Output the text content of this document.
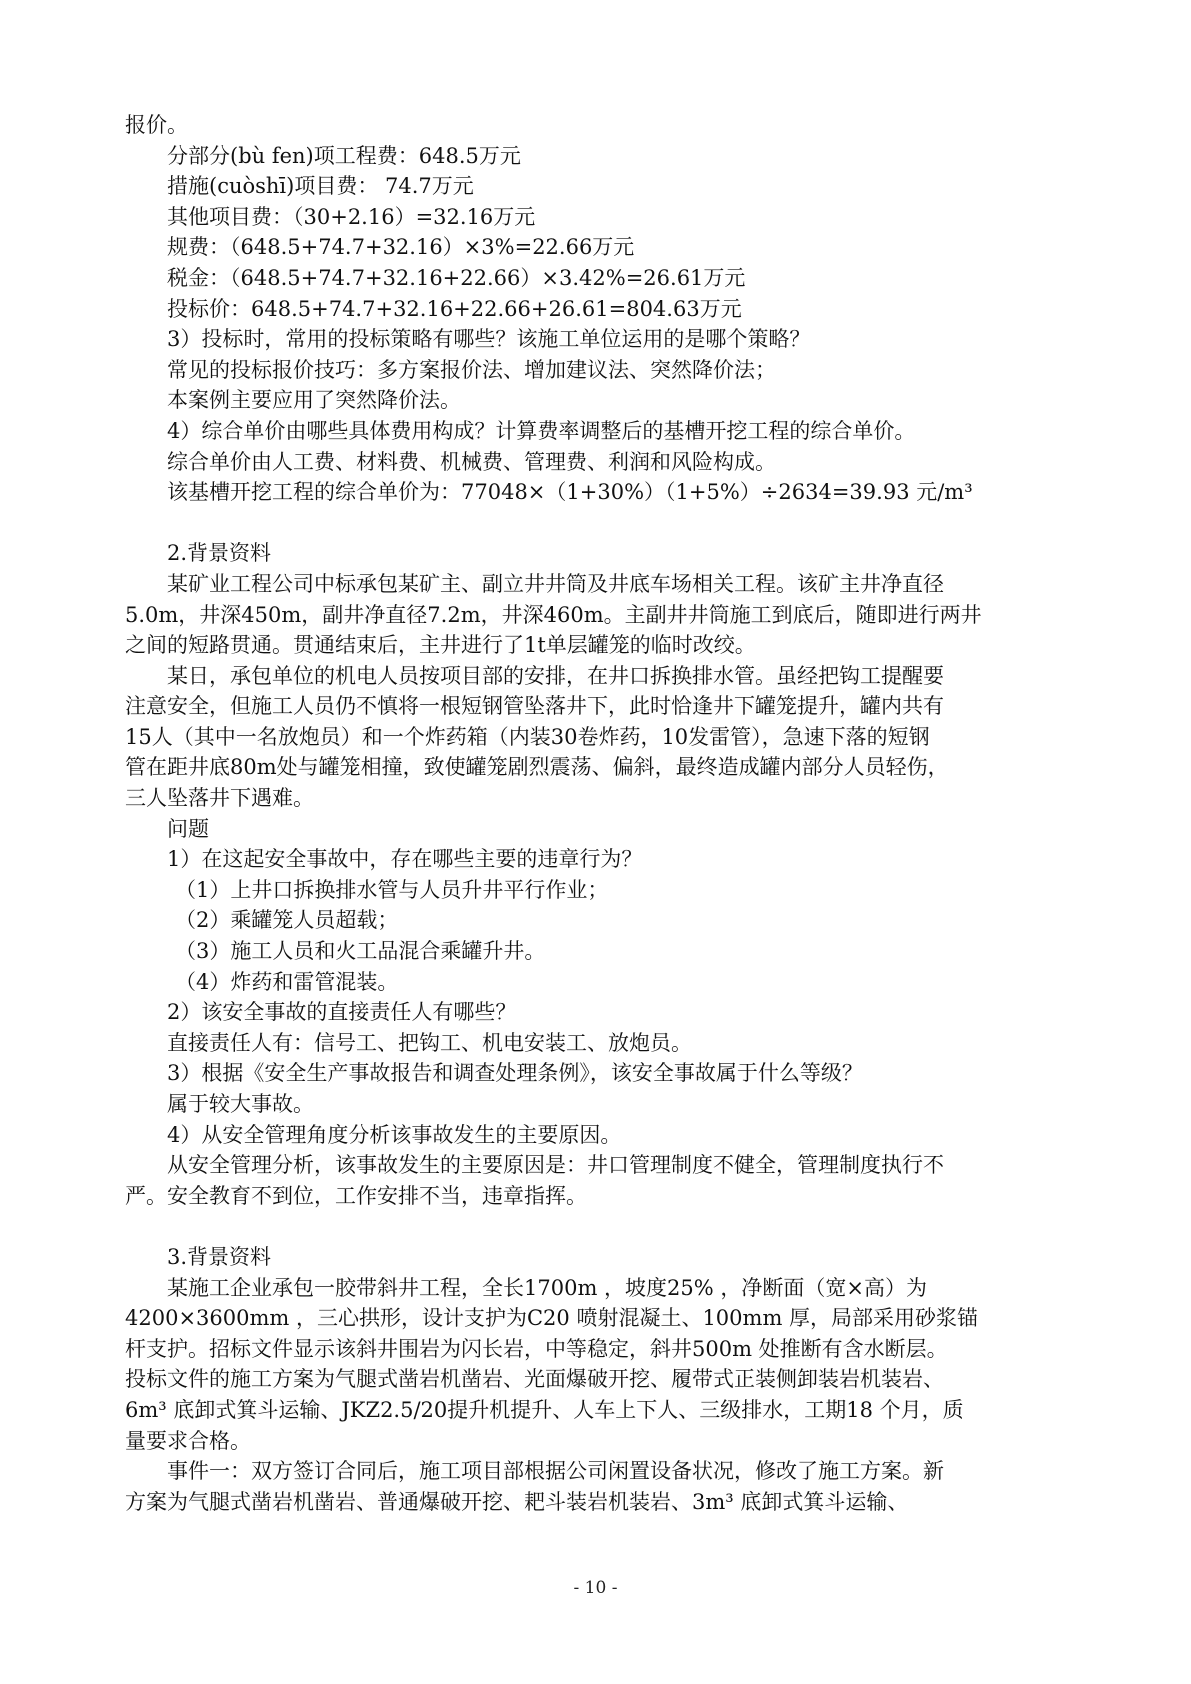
报价。

分部分(bù fen)项工程费：648.5万元

措施(cuòshī)项目费： 74.7万元

其他项目费：（30+2.16）=32.16万元

规费：（648.5+74.7+32.16）×3%=22.66万元

税金：（648.5+74.7+32.16+22.66）×3.42%=26.61万元

投标价：648.5+74.7+32.16+22.66+26.61=804.63万元

3）投标时，常用的投标策略有哪些？该施工单位运用的是哪个策略？

常见的投标报价技巧：多方案报价法、增加建议法、突然降价法；

本案例主要应用了突然降价法。

4）综合单价由哪些具体费用构成？计算费率调整后的基槽开挖工程的综合单价。

综合单价由人工费、材料费、机械费、管理费、利润和风险构成。

该基槽开挖工程的综合单价为：77048×（1+30%）（1+5%）÷2634=39.93 元/m³

2.背景资料

某矿业工程公司中标承包某矿主、副立井井筒及井底车场相关工程。该矿主井净直径

5.0m，井深450m，副井净直径7.2m，井深460m。主副井井筒施工到底后，随即进行两井

之间的短路贯通。贯通结束后，主井进行了1t单层罐笼的临时改绞。

某日，承包单位的机电人员按项目部的安排，在井口拆换排水管。虽经把钩工提醒要

注意安全，但施工人员仍不慎将一根短钢管坠落井下，此时恰逢井下罐笼提升，罐内共有

15人（其中一名放炮员）和一个炸药箱（内装30卷炸药，10发雷管），急速下落的短钢

管在距井底80m处与罐笼相撞，致使罐笼剧烈震荡、偏斜，最终造成罐内部分人员轻伤，

三人坠落井下遇难。

问题

1）在这起安全事故中，存在哪些主要的违章行为？

（1）上井口拆换排水管与人员升井平行作业；

（2）乘罐笼人员超载；

（3）施工人员和火工品混合乘罐升井。

（4）炸药和雷管混装。

2）该安全事故的直接责任人有哪些？

直接责任人有：信号工、把钩工、机电安装工、放炮员。

3）根据《安全生产事故报告和调查处理条例》，该安全事故属于什么等级？

属于较大事故。

4）从安全管理角度分析该事故发生的主要原因。

从安全管理分析，该事故发生的主要原因是：井口管理制度不健全，管理制度执行不

严。安全教育不到位，工作安排不当，违章指挥。

3.背景资料

某施工企业承包一胶带斜井工程，全长1700m ，坡度25% ，净断面（宽×高）为

4200×3600mm ，三心拱形，设计支护为C20 喷射混凝土、100mm 厚，局部采用砂浆锚

杆支护。招标文件显示该斜井围岩为闪长岩，中等稳定，斜井500m 处推断有含水断层。

投标文件的施工方案为气腿式凿岩机凿岩、光面爆破开挖、履带式正装侧卸装岩机装岩、

6m³ 底卸式箕斗运输、JKZ2.5/20提升机提升、人车上下人、三级排水，工期18 个月，质

量要求合格。

事件一：双方签订合同后，施工项目部根据公司闲置设备状况，修改了施工方案。新

方案为气腿式凿岩机凿岩、普通爆破开挖、耙斗装岩机装岩、3m³ 底卸式箕斗运输、

- 10 -
